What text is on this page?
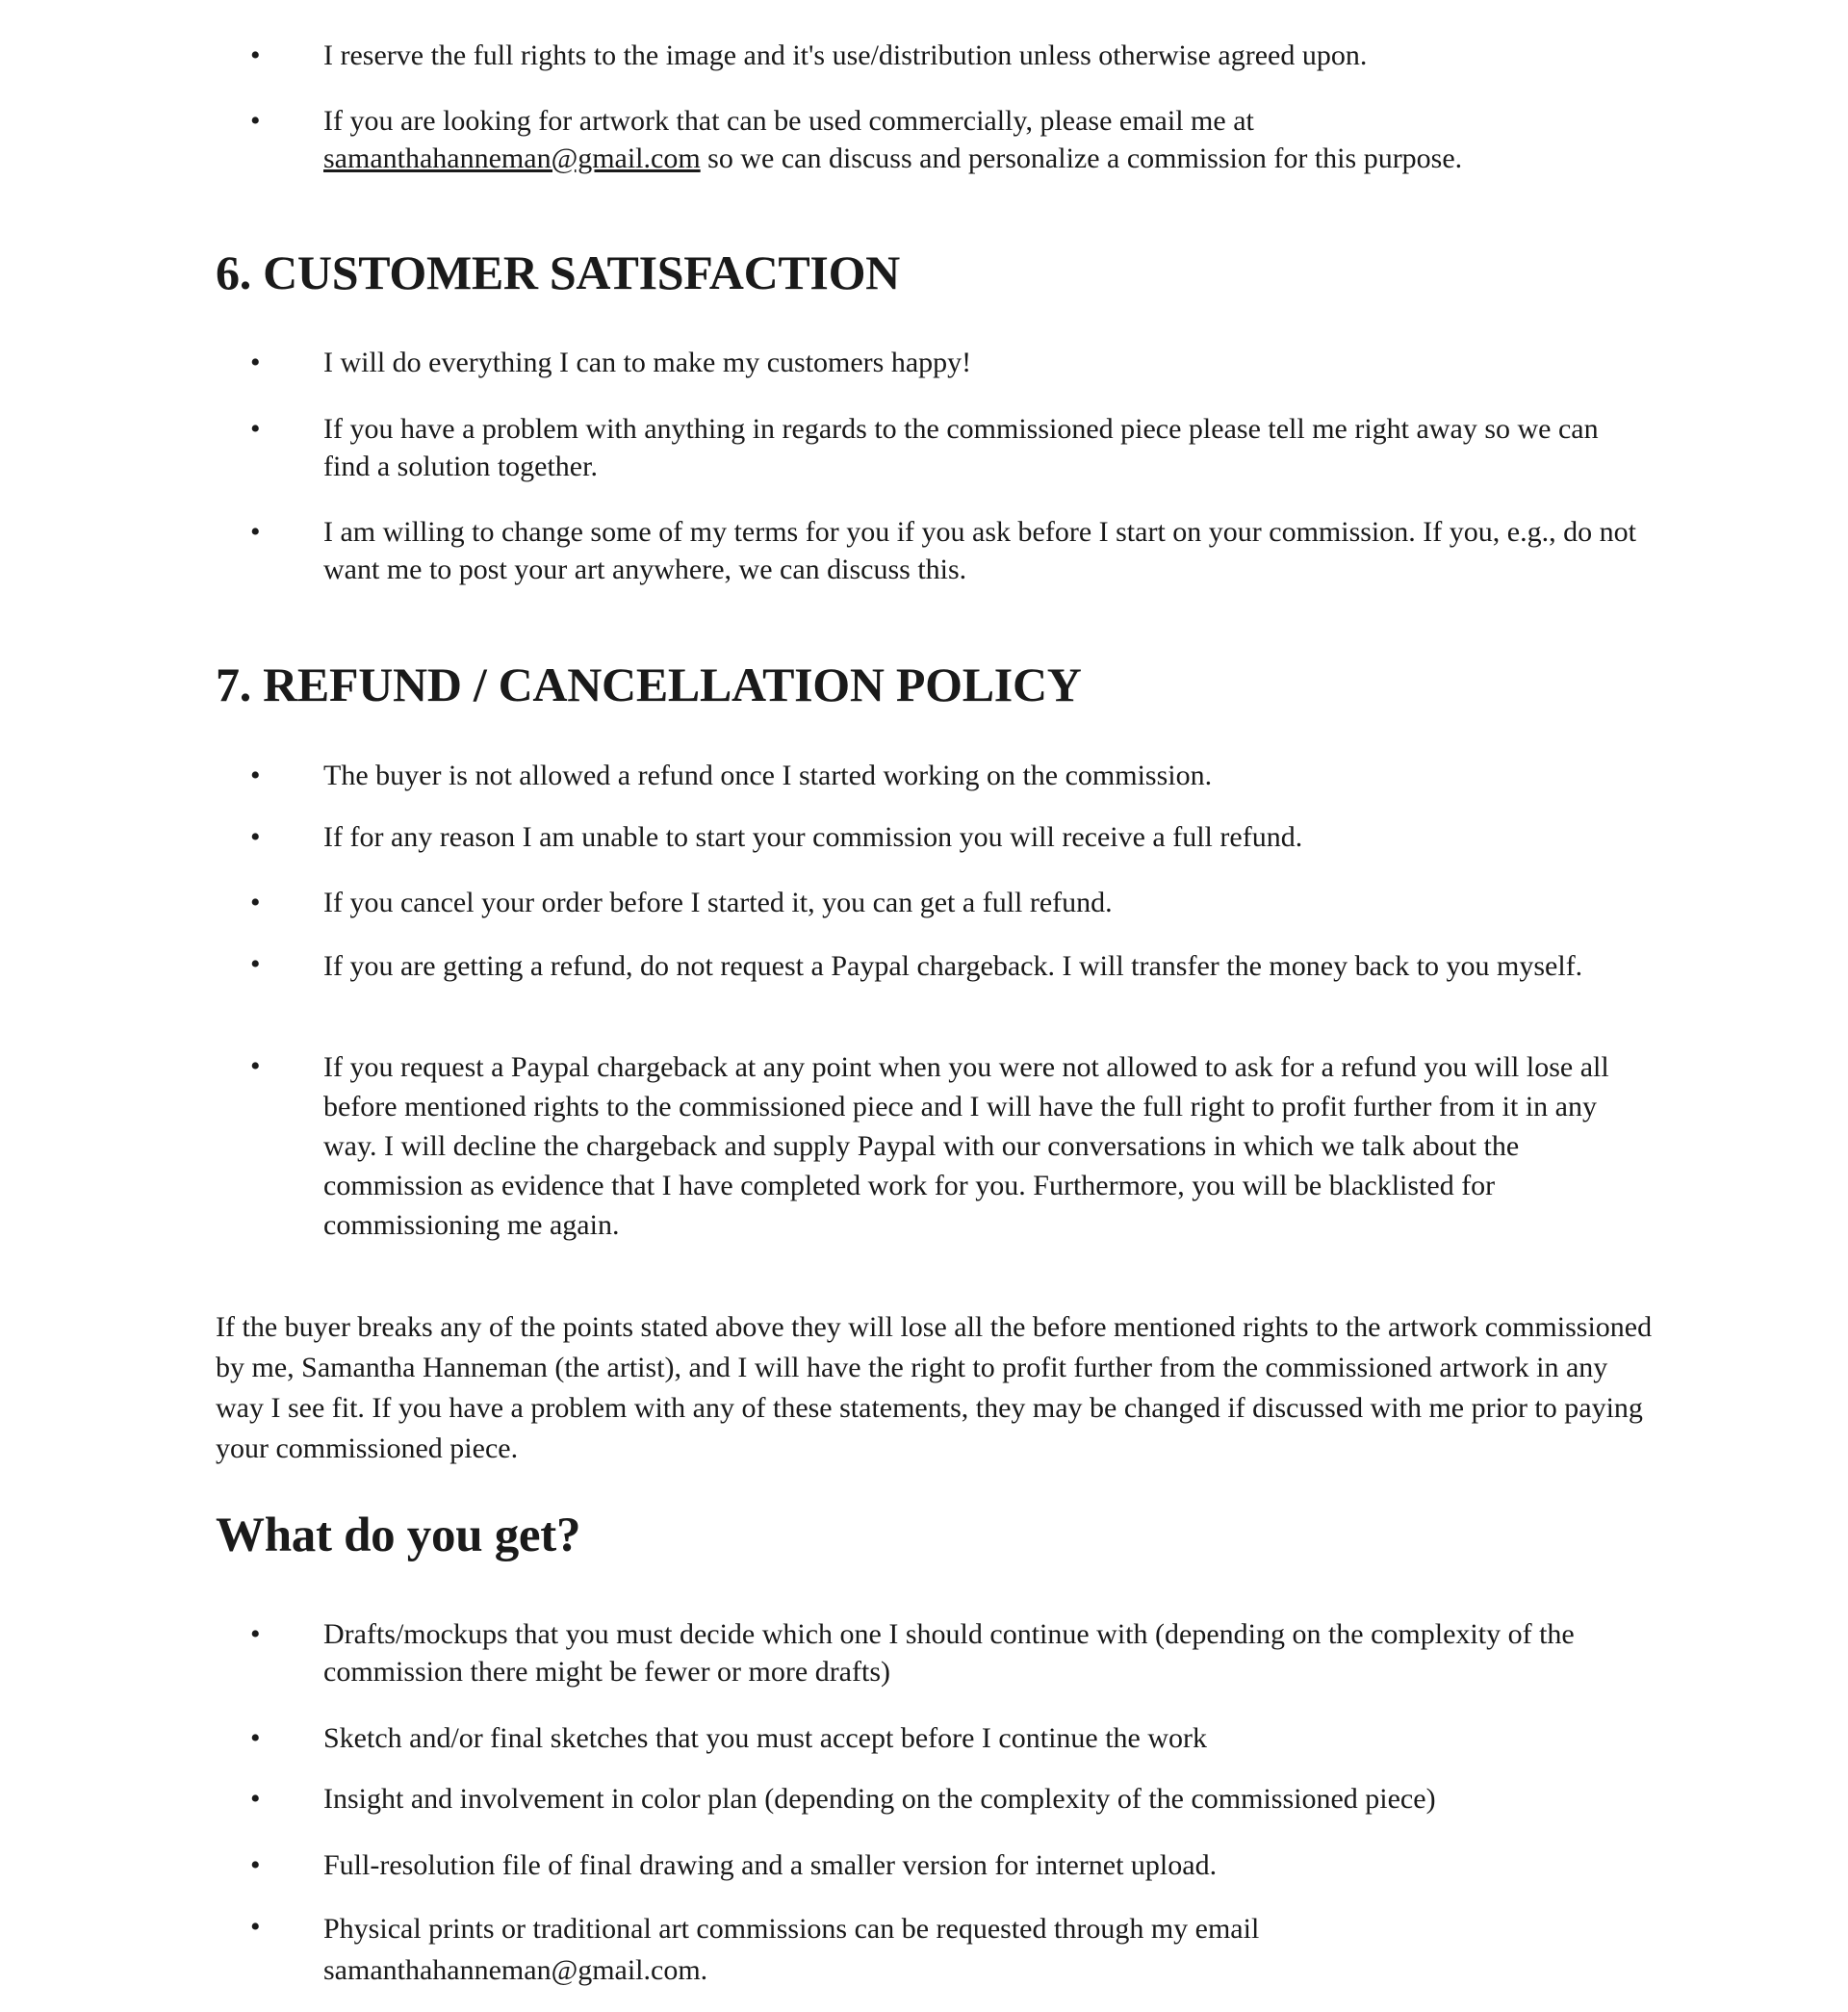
• I reserve the full rights to the image and it's use/distribution unless otherwise agreed upon.
• If you are looking for artwork that can be used commercially, please email me at
samanthahanneman@gmail.com so we can discuss and personalize a commission for this purpose.
6. CUSTOMER SATISFACTION
• I will do everything I can to make my customers happy!
• If you have a problem with anything in regards to the commissioned piece please tell me right away so we can find a solution together.
• I am willing to change some of my terms for you if you ask before I start on your commission. If you, e.g., do not want me to post your art anywhere, we can discuss this.
7. REFUND / CANCELLATION POLICY
• The buyer is not allowed a refund once I started working on the commission.
• If for any reason I am unable to start your commission you will receive a full refund.
• If you cancel your order before I started it, you can get a full refund.
• If you are getting a refund, do not request a Paypal chargeback. I will transfer the money back to you myself.
• If you request a Paypal chargeback at any point when you were not allowed to ask for a refund you will lose all before mentioned rights to the commissioned piece and I will have the full right to profit further from it in any way. I will decline the chargeback and supply Paypal with our conversations in which we talk about the commission as evidence that I have completed work for you. Furthermore, you will be blacklisted for commissioning me again.

If the buyer breaks any of the points stated above they will lose all the before mentioned rights to the artwork commissioned by me, Samantha Hanneman (the artist), and I will have the right to profit further from the commissioned artwork in any way I see fit. If you have a problem with any of these statements, they may be changed if discussed with me prior to paying your commissioned piece.

What do you get?
• Drafts/mockups that you must decide which one I should continue with (depending on the complexity of the commission there might be fewer or more drafts)
• Sketch and/or final sketches that you must accept before I continue the work
• Insight and involvement in color plan (depending on the complexity of the commissioned piece)
• Full-resolution file of final drawing and a smaller version for internet upload.
• Physical prints or traditional art commissions can be requested through my email
samanthahanneman@gmail.com.
